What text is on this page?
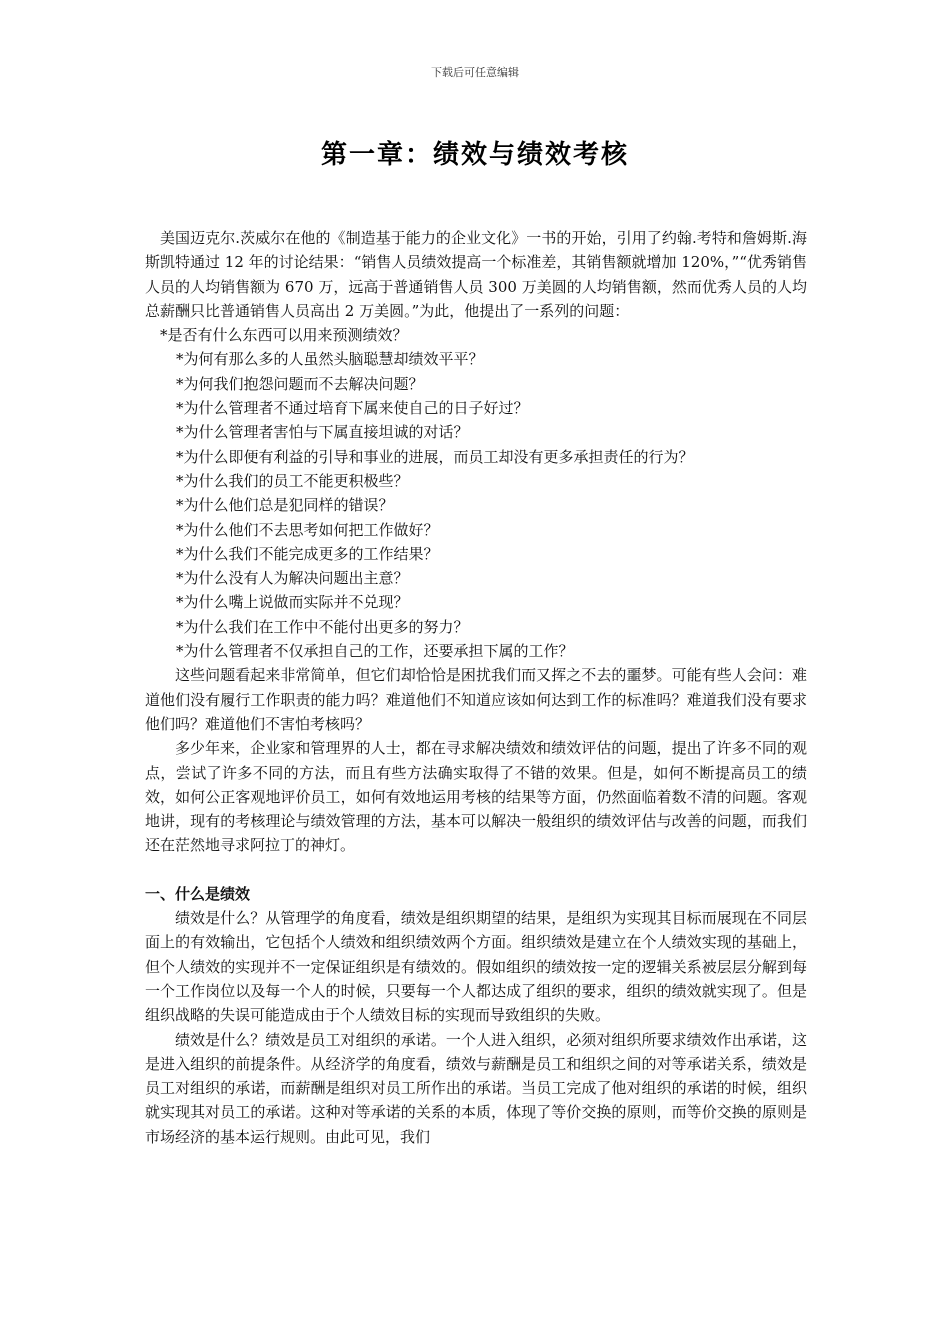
下载后可任意编辑
第一章：绩效与绩效考核

美国迈克尔.茨威尔在他的《制造基于能力的企业文化》一书的开始，引用了约翰.考特和詹姆斯.海斯凯特通过 12 年的讨论结果：“销售人员绩效提高一个标准差，其销售额就增加 120%，”“优秀销售人员的人均销售额为 670 万，远高于普通销售人员 300 万美圆的人均销售额，然而优秀人员的人均总薪酬只比普通销售人员高出 2 万美圆。”为此，他提出了一系列的问题：

*是否有什么东西可以用来预测绩效？
*为何有那么多的人虽然头脑聪慧却绩效平平？
*为何我们抱怨问题而不去解决问题？
*为什么管理者不通过培育下属来使自己的日子好过？
*为什么管理者害怕与下属直接坦诚的对话？
*为什么即便有利益的引导和事业的进展，而员工却没有更多承担责任的行为？
*为什么我们的员工不能更积极些？
*为什么他们总是犯同样的错误？
*为什么他们不去思考如何把工作做好？
*为什么我们不能完成更多的工作结果？
*为什么没有人为解决问题出主意？
*为什么嘴上说做而实际并不兑现？
*为什么我们在工作中不能付出更多的努力？
*为什么管理者不仅承担自己的工作，还要承担下属的工作？

这些问题看起来非常简单，但它们却恰恰是困扰我们而又挥之不去的噩梦。可能有些人会问：难道他们没有履行工作职责的能力吗？难道他们不知道应该如何达到工作的标准吗？难道我们没有要求他们吗？难道他们不害怕考核吗？

多少年来，企业家和管理界的人士，都在寻求解决绩效和绩效评估的问题，提出了许多不同的观点，尝试了许多不同的方法，而且有些方法确实取得了不错的效果。但是，如何不断提高员工的绩效，如何公正客观地评价员工，如何有效地运用考核的结果等方面，仍然面临着数不清的问题。客观地讲，现有的考核理论与绩效管理的方法，基本可以解决一般组织的绩效评估与改善的问题，而我们还在茫然地寻求阿拉丁的神灯。

一、什么是绩效

绩效是什么？从管理学的角度看，绩效是组织期望的结果，是组织为实现其目标而展现在不同层面上的有效输出，它包括个人绩效和组织绩效两个方面。组织绩效是建立在个人绩效实现的基础上，但个人绩效的实现并不一定保证组织是有绩效的。假如组织的绩效按一定的逻辑关系被层层分解到每一个工作岗位以及每一个人的时候，只要每一个人都达成了组织的要求，组织的绩效就实现了。但是组织战略的失误可能造成由于个人绩效目标的实现而导致组织的失败。

绩效是什么？绩效是员工对组织的承诺。一个人进入组织，必须对组织所要求绩效作出承诺，这是进入组织的前提条件。从经济学的角度看，绩效与薪酬是员工和组织之间的对等承诺关系，绩效是员工对组织的承诺，而薪酬是组织对员工所作出的承诺。当员工完成了他对组织的承诺的时候，组织就实现其对员工的承诺。这种对等承诺的关系的本质，体现了等价交换的原则，而等价交换的原则是市场经济的基本运行规则。由此可见，我们
